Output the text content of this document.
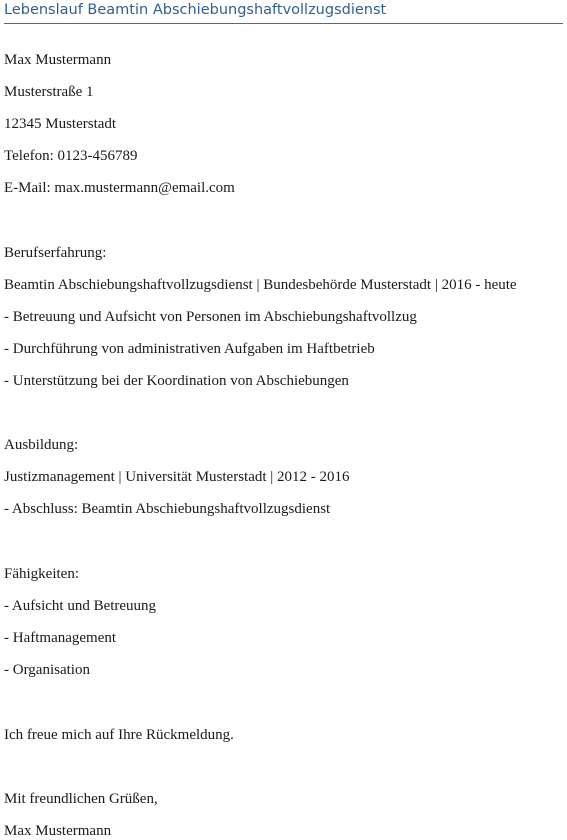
Lebenslauf Beamtin Abschiebungshaftvollzugsdienst
Max Mustermann
Musterstraße 1
12345 Musterstadt
Telefon: 0123-456789
E-Mail: max.mustermann@email.com
Berufserfahrung:
Beamtin Abschiebungshaftvollzugsdienst | Bundesbehörde Musterstadt | 2016 - heute
- Betreuung und Aufsicht von Personen im Abschiebungshaftvollzug
- Durchführung von administrativen Aufgaben im Haftbetrieb
- Unterstützung bei der Koordination von Abschiebungen
Ausbildung:
Justizmanagement | Universität Musterstadt | 2012 - 2016
- Abschluss: Beamtin Abschiebungshaftvollzugsdienst
Fähigkeiten:
- Aufsicht und Betreuung
- Haftmanagement
- Organisation
Ich freue mich auf Ihre Rückmeldung.
Mit freundlichen Grüßen,
Max Mustermann
